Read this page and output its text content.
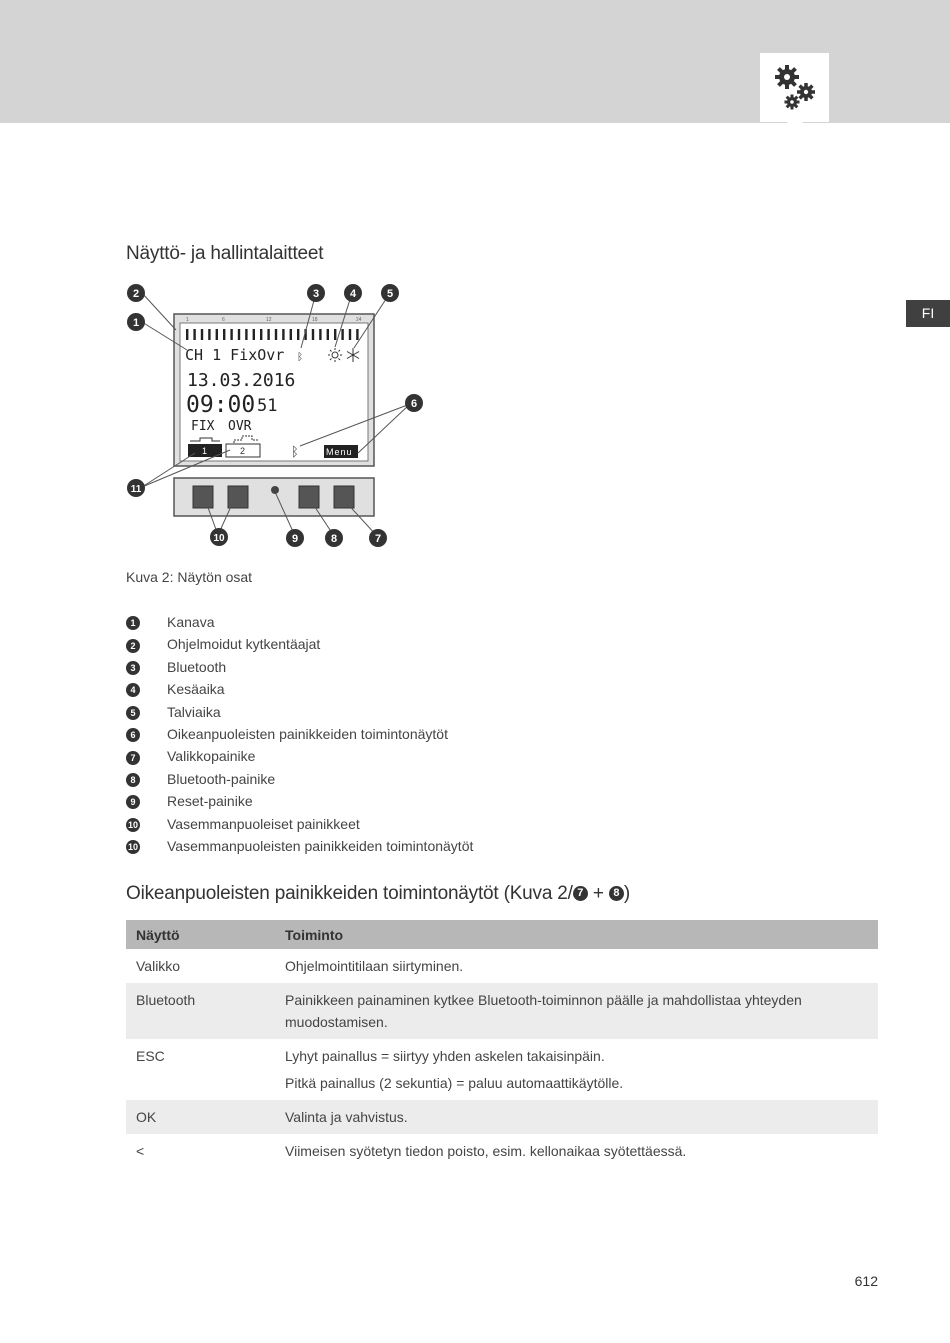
FI
Näyttö- ja hallintalaitteet
1	6	12	18	24
CH 1 FixOvr ᛒ
13.03.2016
09:00 51
FIX OVR
1	2	ᛒ	Menu
2
1
3	4	5
6
11
10	9	8	7
Kuva 2: Näytön osat
1 Kanava
2 Ohjelmoidut kytkentäajat
3 Bluetooth
4 Kesäaika
5 Talviaika
6 Oikeanpuoleisten painikkeiden toimintonäytöt
7 Valikkopainike
8 Bluetooth-painike
9 Reset-painike
10 Vasemmanpuoleiset painikkeet
10 Vasemmanpuoleisten painikkeiden toimintonäytöt
Oikeanpuoleisten painikkeiden toimintonäytöt (Kuva 2/ 7 + 8 )
Näyttö	Toiminto
Valikko	Ohjelmointitilaan siirtyminen.
Bluetooth	Painikkeen painaminen kytkee Bluetooth-toiminnon päälle ja mahdollistaa yhteyden muodostamisen.
ESC	Lyhyt painallus = siirtyy yhden askelen takaisinpäin.
Pitkä painallus (2 sekuntia) = paluu automaattikäytölle.

OK	Valinta ja vahvistus.
<	Viimeisen syötetyn tiedon poisto, esim. kellonaikaa syötettäessä.
612
